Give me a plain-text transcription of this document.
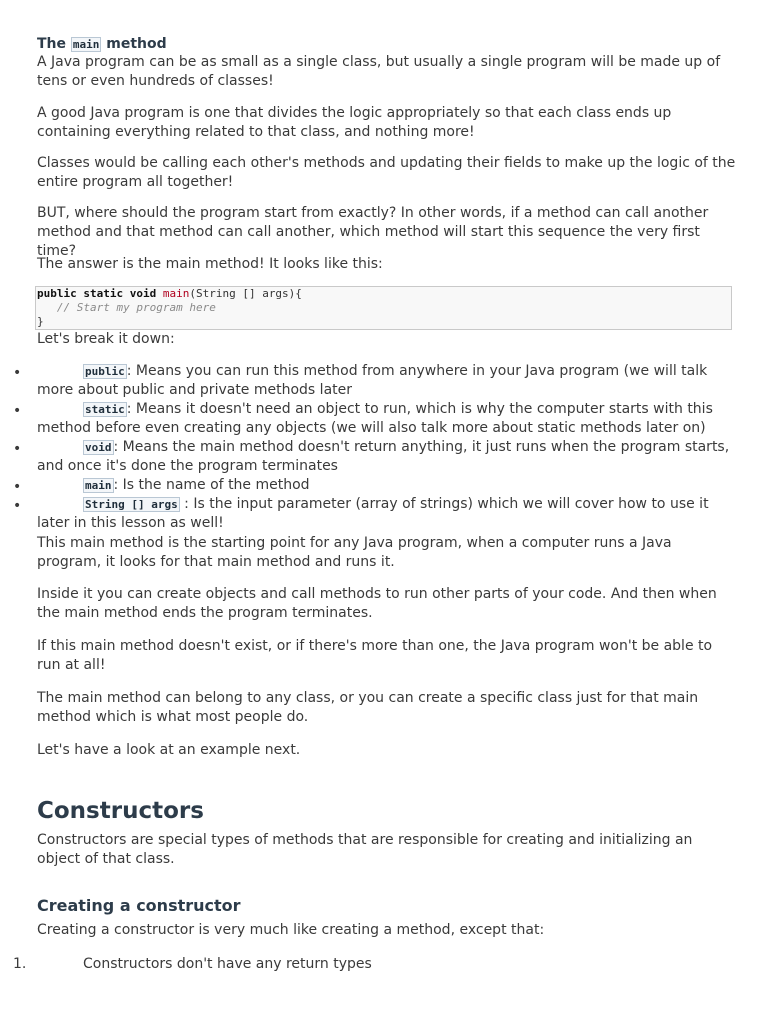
The main method

A Java program can be as small as a single class, but usually a single program will be made up of tens or even hundreds of classes!

A good Java program is one that divides the logic appropriately so that each class ends up containing everything related to that class, and nothing more!

Classes would be calling each other's methods and updating their fields to make up the logic of the entire program all together!

BUT, where should the program start from exactly? In other words, if a method can call another method and that method can call another, which method will start this sequence the very first time?

The answer is the main method! It looks like this:

public static void main(String [] args){
// Start my program here
}

Let's break it down:

•	public : Means you can run this method from anywhere in your Java program (we will talk more about public and private methods later

•	static : Means it doesn't need an object to run, which is why the computer starts with this method before even creating any objects (we will also talk more about static methods later on)

•	void : Means the main method doesn't return anything, it just runs when the program starts, and once it's done the program terminates

•	main : Is the name of the method

•	String [] args : Is the input parameter (array of strings) which we will cover how to use it later in this lesson as well!

This main method is the starting point for any Java program, when a computer runs a Java program, it looks for that main method and runs it.

Inside it you can create objects and call methods to run other parts of your code. And then when the main method ends the program terminates.

If this main method doesn't exist, or if there's more than one, the Java program won't be able to run at all!

The main method can belong to any class, or you can create a specific class just for that main method which is what most people do.

Let's have a look at an example next.

Constructors

Constructors are special types of methods that are responsible for creating and initializing an object of that class.

Creating a constructor

Creating a constructor is very much like creating a method, except that:

1.	Constructors don't have any return types
